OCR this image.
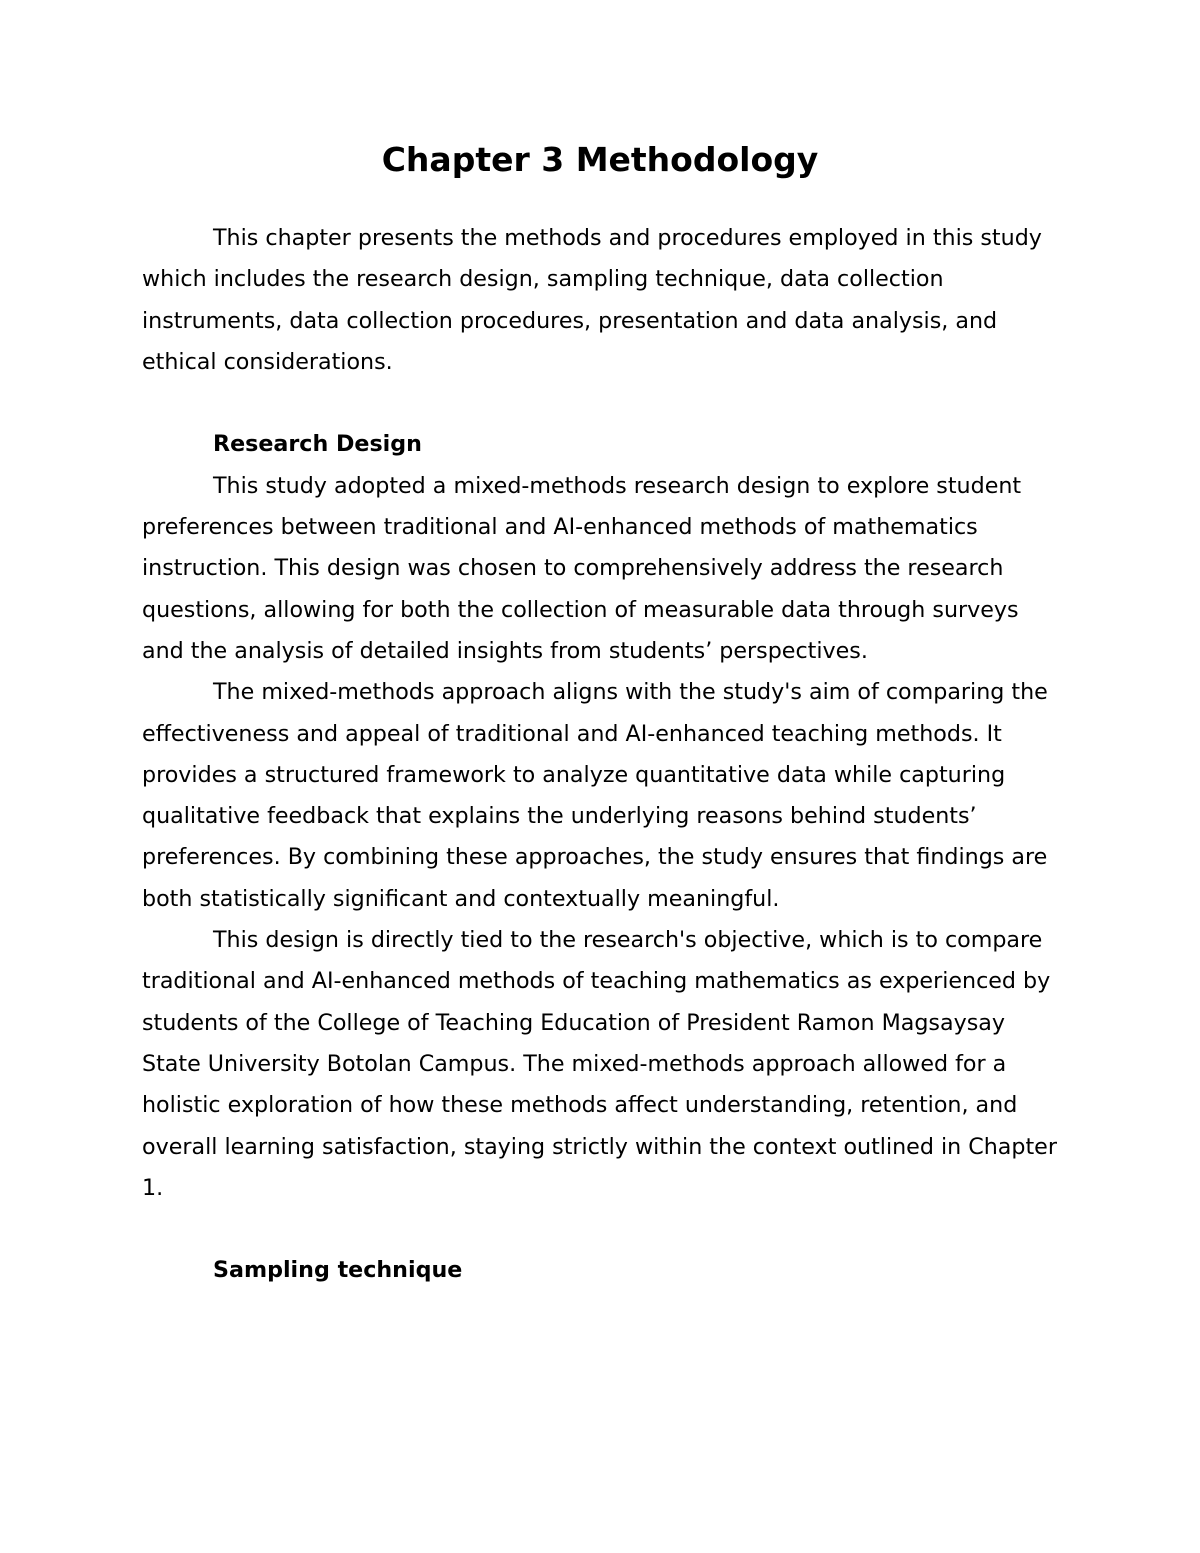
Chapter 3 Methodology

This chapter presents the methods and procedures employed in this study which includes the research design, sampling technique, data collection instruments, data collection procedures, presentation and data analysis, and ethical considerations.

Research Design

This study adopted a mixed-methods research design to explore student preferences between traditional and AI-enhanced methods of mathematics instruction. This design was chosen to comprehensively address the research questions, allowing for both the collection of measurable data through surveys and the analysis of detailed insights from students’ perspectives.

The mixed-methods approach aligns with the study's aim of comparing the effectiveness and appeal of traditional and AI-enhanced teaching methods. It provides a structured framework to analyze quantitative data while capturing qualitative feedback that explains the underlying reasons behind students’ preferences. By combining these approaches, the study ensures that findings are both statistically significant and contextually meaningful.

This design is directly tied to the research's objective, which is to compare traditional and AI-enhanced methods of teaching mathematics as experienced by students of the College of Teaching Education of President Ramon Magsaysay State University Botolan Campus. The mixed-methods approach allowed for a holistic exploration of how these methods affect understanding, retention, and overall learning satisfaction, staying strictly within the context outlined in Chapter 1.

Sampling technique
